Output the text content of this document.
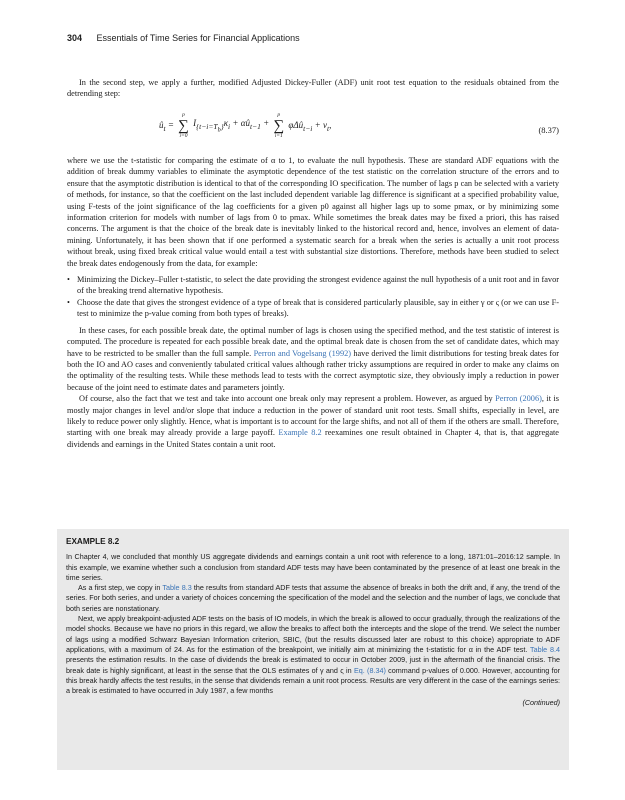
304 Essentials of Time Series for Financial Applications

In the second step, we apply a further, modified Adjusted Dickey-Fuller (ADF) unit root test equation to the residuals obtained from the detrending step:

$û_t$ =
p
∑
i=0
$I_{\{t-i=T_b\}}\kappa_i$ + $\alpha û_{t-1}$ +
p
∑
i=1
φΔû$_{t-i}$ + $\nu_t$,
(8.37)

where we use the t-statistic for comparing the estimate of α to 1, to evaluate the null hypothesis. These are standard ADF equations with the addition of break dummy variables to eliminate the asymptotic dependence of the test statistic on the correlation structure of the errors and to ensure that the asymptotic distribution is identical to that of the corresponding IO specification. The number of lags p can be selected with a variety of methods, for instance, so that the coefficient on the last included dependent variable lag difference is significant at a specified probability value, using F-tests of the joint significance of the lag coefficients for a given p0 against all higher lags up to some pmax, or by minimizing some information criterion for models with number of lags from 0 to pmax. While sometimes the break dates may be fixed a priori, this has raised concerns. The argument is that the choice of the break date is inevitably linked to the historical record and, hence, involves an element of data-mining. Unfortunately, it has been shown that if one performed a systematic search for a break when the series is actually a unit root process without break, using fixed break critical value would entail a test with substantial size distortions. Therefore, methods have been studied to select the break dates endogenously from the data, for example:

• Minimizing the Dickey–Fuller t-statistic, to select the date providing the strongest evidence against the null hypothesis of a unit root and in favor of the breaking trend alternative hypothesis.
• Choose the date that gives the strongest evidence of a type of break that is considered particularly plausible, say in either γ or ς (or we can use F-test to minimize the p-value coming from both types of breaks).

In these cases, for each possible break date, the optimal number of lags is chosen using the specified method, and the test statistic of interest is computed. The procedure is repeated for each possible break date, and the optimal break date is chosen from the set of candidate dates, which may have to be restricted to be smaller than the full sample. Perron and Vogelsang (1992) have derived the limit distributions for testing break dates for both the IO and AO cases and conveniently tabulated critical values although rather tricky assumptions are required in order to make any claims on the optimality of the resulting tests. While these methods lead to tests with the correct asymptotic size, they obviously imply a reduction in power because of the joint need to estimate dates and parameters jointly.

Of course, also the fact that we test and take into account one break only may represent a problem. However, as argued by Perron (2006), it is mostly major changes in level and/or slope that induce a reduction in the power of standard unit root tests. Small shifts, especially in level, are likely to reduce power only slightly. Hence, what is important is to account for the large shifts, and not all of them if the others are small. Therefore, starting with one break may already provide a large payoff. Example 8.2 reexamines one result obtained in Chapter 4, that is, that aggregate dividends and earnings in the United States contain a unit root.

EXAMPLE 8.2

In Chapter 4, we concluded that monthly US aggregate dividends and earnings contain a unit root with reference to a long, 1871:01–2016:12 sample. In this example, we examine whether such a conclusion from standard ADF tests may have been contaminated by the presence of at least one break in the time series.

As a first step, we copy in Table 8.3 the results from standard ADF tests that assume the absence of breaks in both the drift and, if any, the trend of the series. For both series, and under a variety of choices concerning the specification of the model and the selection and the number of lags, we conclude that both series are nonstationary.

Next, we apply breakpoint-adjusted ADF tests on the basis of IO models, in which the break is allowed to occur gradually, through the realizations of the model shocks. Because we have no priors in this regard, we allow the breaks to affect both the intercepts and the slope of the trend. We select the number of lags using a modified Schwarz Bayesian Information criterion, SBIC, (but the results discussed later are robust to this choice) appropriate to ADF applications, with a maximum of 24. As for the estimation of the breakpoint, we initially aim at minimizing the t-statistic for α in the ADF test. Table 8.4 presents the estimation results. In the case of dividends the break is estimated to occur in October 2009, just in the aftermath of the financial crisis. The break date is highly significant, at least in the sense that the OLS estimates of γ and ς in Eq. (8.34) command p-values of 0.000. However, accounting for this break hardly affects the test results, in the sense that dividends remain a unit root process. Results are very different in the case of the earnings series: a break is estimated to have occurred in July 1987, a few months

(Continued)
